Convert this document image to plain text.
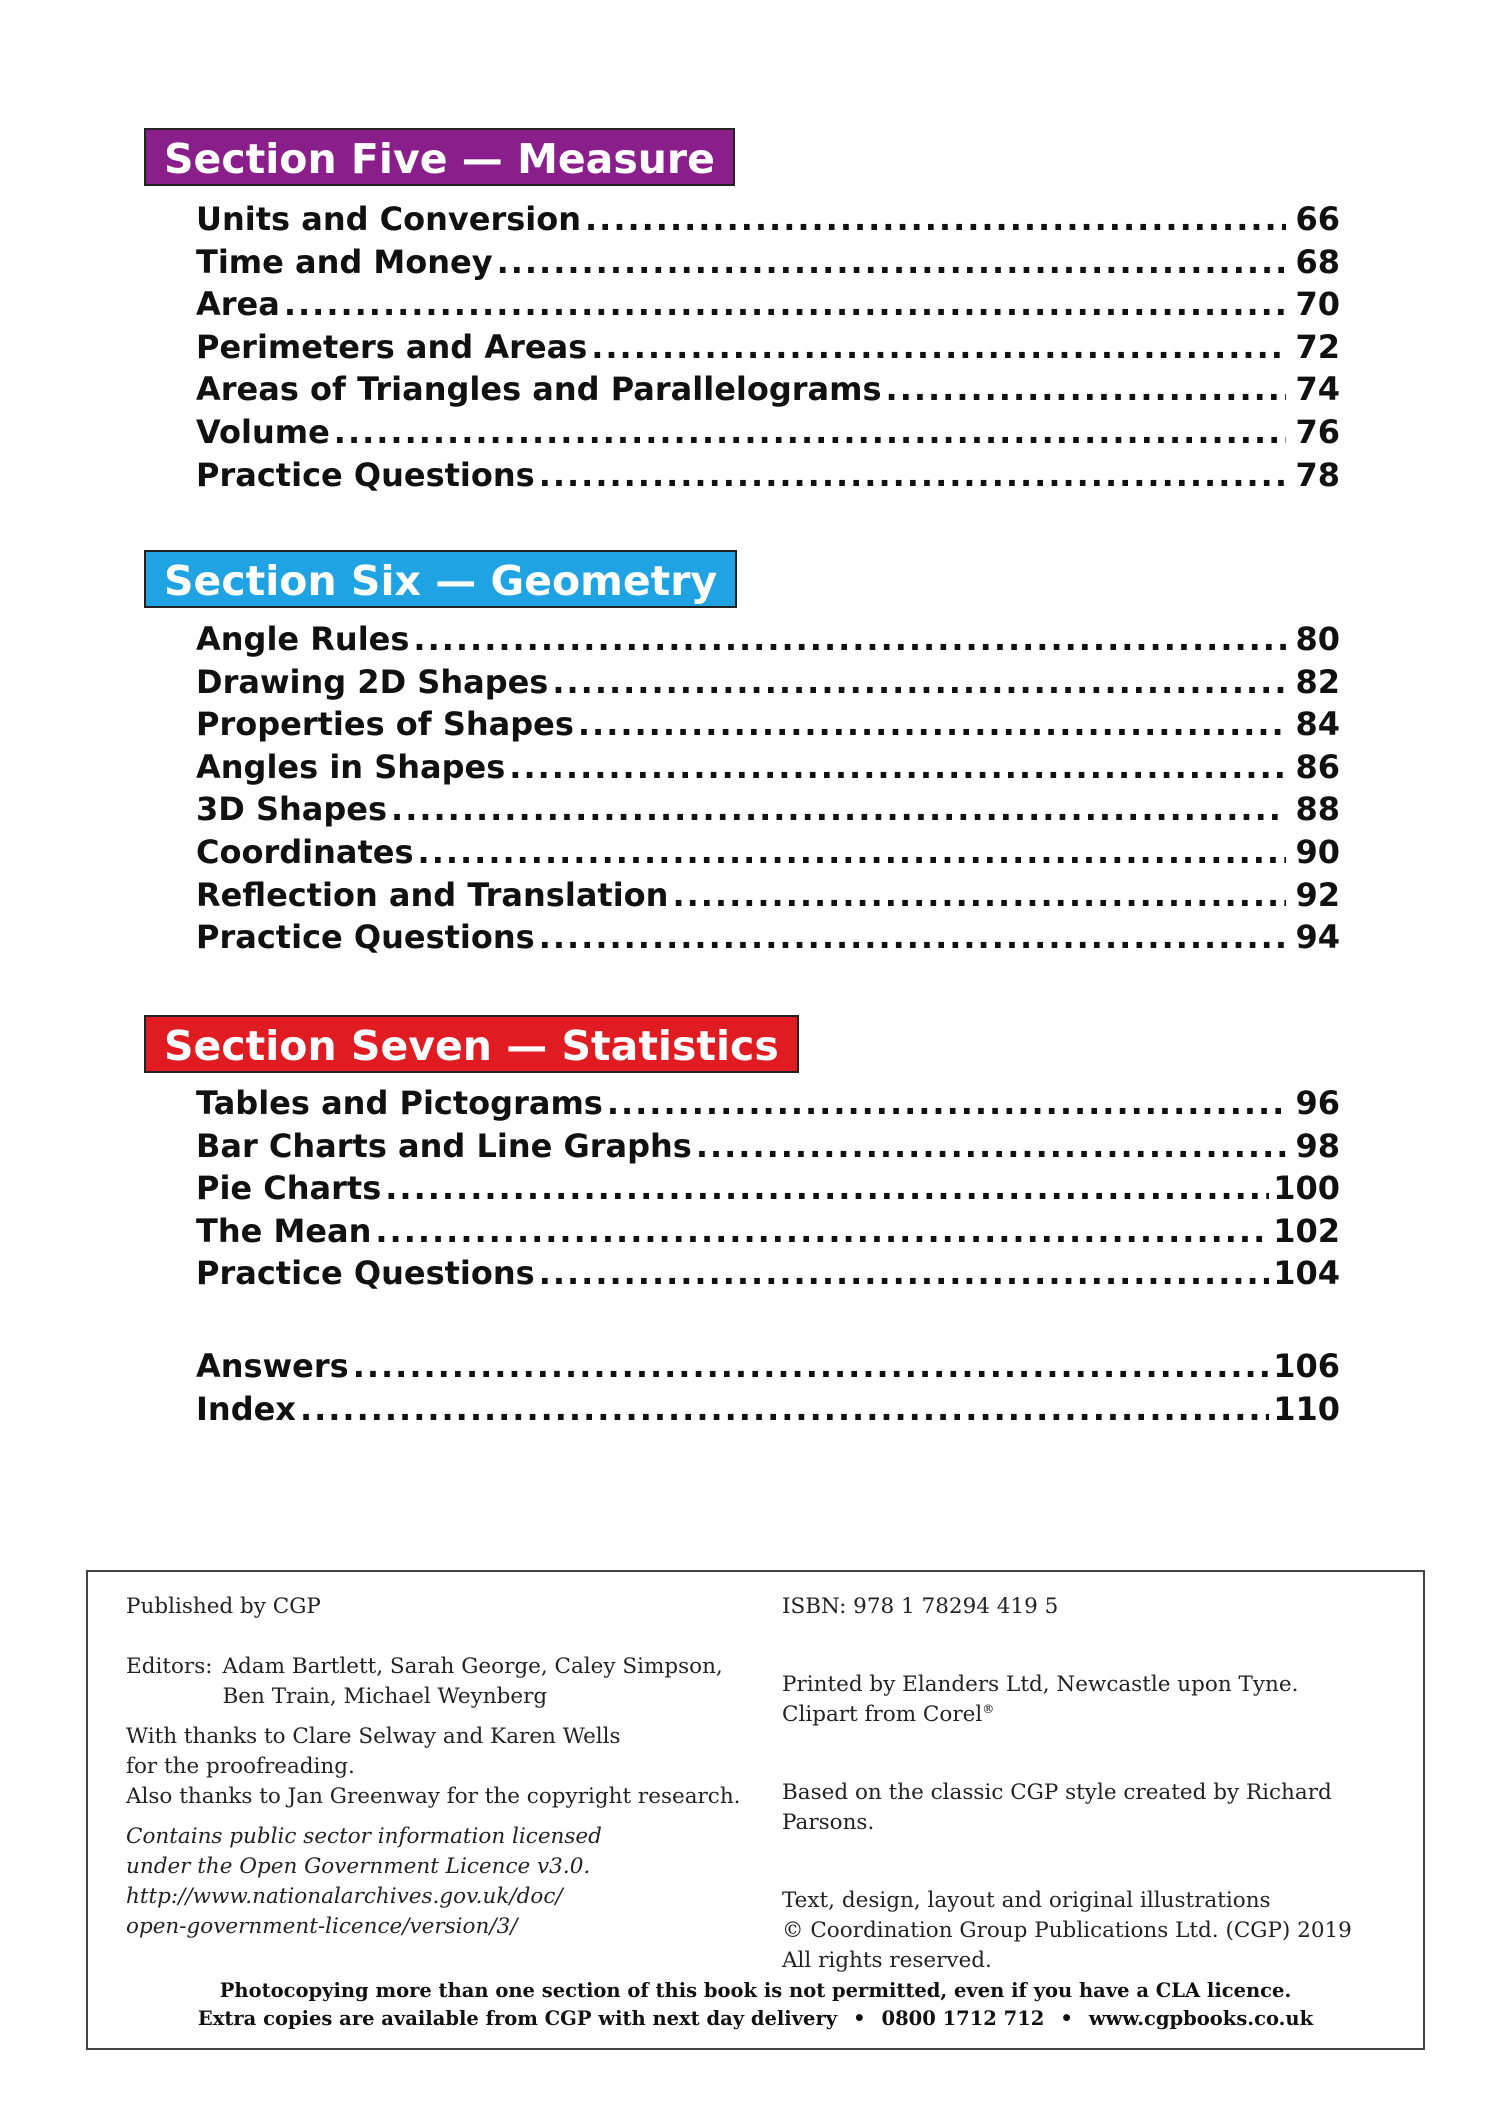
Section Five — Measure
Units and Conversion .....	66
Time and Money .....	68
Area .....	70
Perimeters and Areas .....	72
Areas of Triangles and Parallelograms .....	74
Volume .....	76
Practice Questions .....	78
Section Six — Geometry
Angle Rules .....	80
Drawing 2D Shapes .....	82
Properties of Shapes .....	84
Angles in Shapes .....	86
3D Shapes .....	88
Coordinates .....	90
Reflection and Translation .....	92
Practice Questions .....	94
Section Seven — Statistics
Tables and Pictograms .....	96
Bar Charts and Line Graphs .....	98
Pie Charts .....	100
The Mean .....	102
Practice Questions .....	104
Answers .....	106
Index .....	110

Published by CGP

Editors: Adam Bartlett, Sarah George, Caley Simpson,
Ben Train, Michael Weynberg
With thanks to Clare Selway and Karen Wells
for the proofreading.
Also thanks to Jan Greenway for the copyright research.
Contains public sector information licensed
under the Open Government Licence v3.0.
http://www.nationalarchives.gov.uk/doc/
open-government-licence/version/3/

ISBN: 978 1 78294 419 5

Printed by Elanders Ltd, Newcastle upon Tyne.
Clipart from Corel®

Based on the classic CGP style created by Richard Parsons.

Text, design, layout and original illustrations
© Coordination Group Publications Ltd. (CGP) 2019
All rights reserved.
Photocopying more than one section of this book is not permitted, even if you have a CLA licence.
Extra copies are available from CGP with next day delivery • 0800 1712 712 • www.cgpbooks.co.uk
